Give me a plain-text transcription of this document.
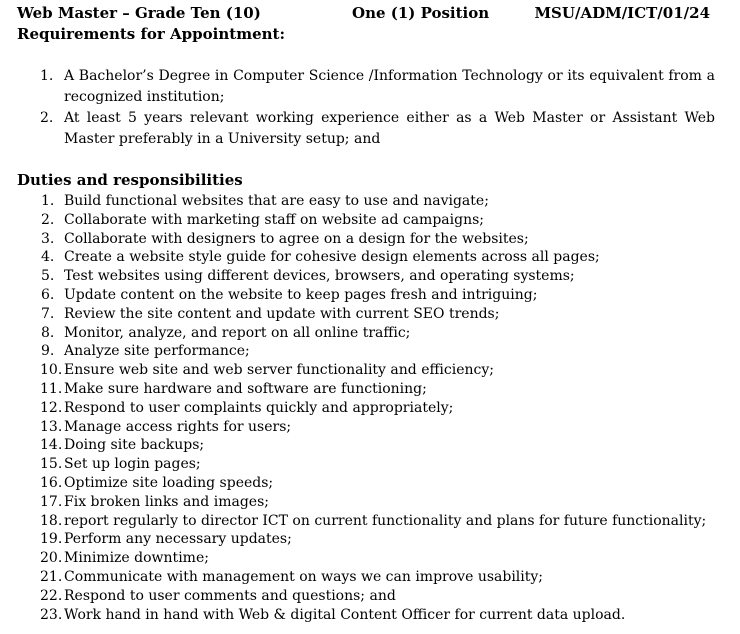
Web Master – Grade Ten (10)	One (1) Position	MSU/ADM/ICT/01/24
Requirements for Appointment:
1. A Bachelor’s Degree in Computer Science /Information Technology or its equivalent from a recognized institution;
2. At least 5 years relevant working experience either as a Web Master or Assistant Web Master preferably in a University setup; and
Duties and responsibilities
1. Build functional websites that are easy to use and navigate;
2. Collaborate with marketing staff on website ad campaigns;
3. Collaborate with designers to agree on a design for the websites;
4. Create a website style guide for cohesive design elements across all pages;
5. Test websites using different devices, browsers, and operating systems;
6. Update content on the website to keep pages fresh and intriguing;
7. Review the site content and update with current SEO trends;
8. Monitor, analyze, and report on all online traffic;
9. Analyze site performance;
10. Ensure web site and web server functionality and efficiency;
11. Make sure hardware and software are functioning;
12. Respond to user complaints quickly and appropriately;
13. Manage access rights for users;
14. Doing site backups;
15. Set up login pages;
16. Optimize site loading speeds;
17. Fix broken links and images;
18. report regularly to director ICT on current functionality and plans for future functionality;
19. Perform any necessary updates;
20. Minimize downtime;
21. Communicate with management on ways we can improve usability;
22. Respond to user comments and questions; and
23. Work hand in hand with Web & digital Content Officer for current data upload.
